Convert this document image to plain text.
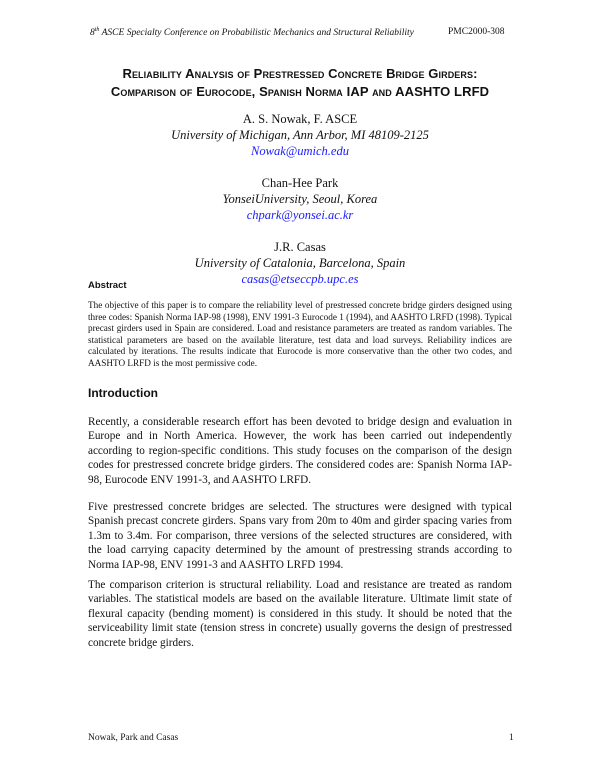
8th ASCE Specialty Conference on Probabilistic Mechanics and Structural Reliability	PMC2000-308
Reliability Analysis of Prestressed Concrete Bridge Girders:
Comparison of Eurocode, Spanish Norma IAP and AASHTO LRFD
A. S. Nowak, F. ASCE
University of Michigan, Ann Arbor, MI 48109-2125
Nowak@umich.edu
Chan-Hee Park
YonseiUniversity, Seoul, Korea
chpark@yonsei.ac.kr
J.R. Casas
University of Catalonia, Barcelona, Spain
casas@etseccpb.upc.es
Abstract
The objective of this paper is to compare the reliability level of prestressed concrete bridge girders designed using three codes: Spanish Norma IAP-98 (1998), ENV 1991-3 Eurocode 1 (1994), and AASHTO LRFD (1998). Typical precast girders used in Spain are considered. Load and resistance parameters are treated as random variables. The statistical parameters are based on the available literature, test data and load surveys. Reliability indices are calculated by iterations. The results indicate that Eurocode is more conservative than the other two codes, and AASHTO LRFD is the most permissive code.
Introduction

Recently, a considerable research effort has been devoted to bridge design and evaluation in Europe and in North America. However, the work has been carried out independently according to region-specific conditions. This study focuses on the comparison of the design codes for prestressed concrete bridge girders. The considered codes are: Spanish Norma IAP-98, Eurocode ENV 1991-3, and AASHTO LRFD.

Five prestressed concrete bridges are selected. The structures were designed with typical Spanish precast concrete girders. Spans vary from 20m to 40m and girder spacing varies from 1.3m to 3.4m. For comparison, three versions of the selected structures are considered, with the load carrying capacity determined by the amount of prestressing strands according to Norma IAP-98, ENV 1991-3 and AASHTO LRFD 1994.

The comparison criterion is structural reliability. Load and resistance are treated as random variables. The statistical models are based on the available literature. Ultimate limit state of flexural capacity (bending moment) is considered in this study. It should be noted that the serviceability limit state (tension stress in concrete) usually governs the design of prestressed concrete bridge girders.

Nowak, Park and Casas	1
